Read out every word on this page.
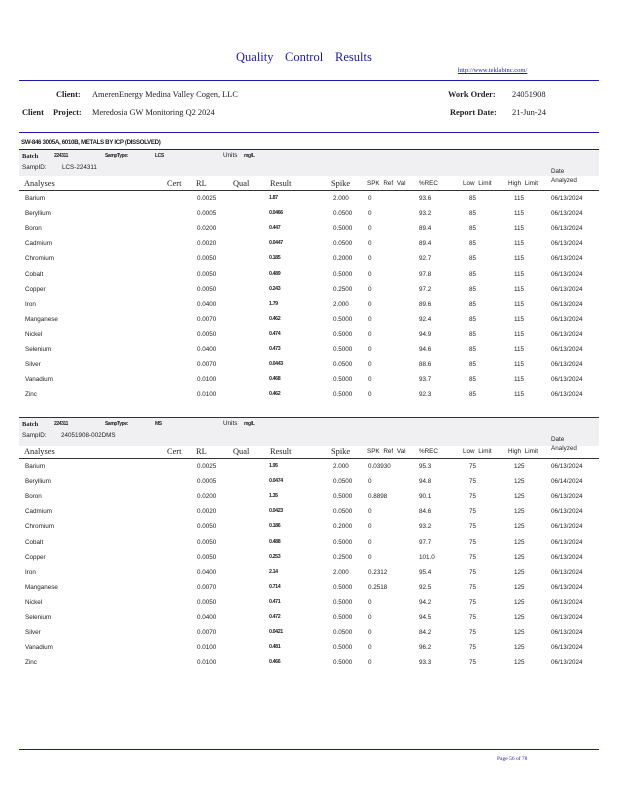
Quality Control Results
http://www.teklabinc.com/
Client: AmerenEnergy Medina Valley Cogen, LLC
Client Project: Meredosia GW Monitoring Q2 2024
Work Order: 24051908
Report Date: 21-Jun-24
SW-846 3005A, 6010B, METALS BY ICP (DISSOLVED)
Batch	224311	SampType:	LCS	Units mg/L
SampID: LCS-224311
Analyses	Cert RL	Qual Result	Spike	SPK Ref Val %REC	Low Limit	High Limit
Date
Analyzed
Barium	0.0025	1.87	2.000	0	93.6	85	115	06/13/2024
Beryllium	0.0005	0.0466	0.0500 0	93.2	85	115	06/13/2024
Boron	0.0200	0.447	0.5000 0	89.4	85	115	06/13/2024
Cadmium	0.0020	0.0447	0.0500 0	89.4	85	115	06/13/2024
Chromium	0.0050	0.185	0.2000 0	92.7	85	115	06/13/2024
Cobalt	0.0050	0.489	0.5000 0	97.8	85	115	06/13/2024
Copper	0.0050	0.243	0.2500 0	97.2	85	115	06/13/2024
Iron	0.0400	1.79	2.000	0	89.6	85	115	06/13/2024
Manganese	0.0070	0.462	0.5000 0	92.4	85	115	06/13/2024
Nickel	0.0050	0.474	0.5000 0	94.9	85	115	06/13/2024
Selenium	0.0400	0.473	0.5000 0	94.6	85	115	06/13/2024
Silver	0.0070	0.0443	0.0500 0	88.6	85	115	06/13/2024
Vanadium	0.0100	0.468	0.5000 0	93.7	85	115	06/13/2024
Zinc	0.0100	0.462	0.5000 0	92.3	85	115	06/13/2024
Batch	224311	SampType:	MS	Units mg/L
SampID: 24051908-002DMS
Analyses	Cert RL	Qual Result	Spike	SPK Ref Val %REC	Low Limit	High Limit
Date
Analyzed
Barium	0.0025	1.95	2.000	0.03930	95.3	75	125	06/13/2024
Beryllium	0.0005	0.0474	0.0500 0	94.8	75	125	06/14/2024
Boron	0.0200	1.35	0.5000 0.8898	90.1	75	125	06/13/2024
Cadmium	0.0020	0.0423	0.0500 0	84.6	75	125	06/13/2024
Chromium	0.0050	0.186	0.2000 0	93.2	75	125	06/13/2024
Cobalt	0.0050	0.488	0.5000 0	97.7	75	125	06/13/2024
Copper	0.0050	0.253	0.2500 0	101.0	75	125	06/13/2024
Iron	0.0400	2.14	2.000	0.2312	95.4	75	125	06/13/2024
Manganese	0.0070	0.714	0.5000 0.2518	92.5	75	125	06/13/2024
Nickel	0.0050	0.471	0.5000 0	94.2	75	125	06/13/2024
Selenium	0.0400	0.472	0.5000 0	94.5	75	125	06/13/2024
Silver	0.0070	0.0421	0.0500 0	84.2	75	125	06/13/2024
Vanadium	0.0100	0.481	0.5000 0	96.2	75	125	06/13/2024
Zinc	0.0100	0.466	0.5000 0	93.3	75	125	06/13/2024
Page 56 of 78
